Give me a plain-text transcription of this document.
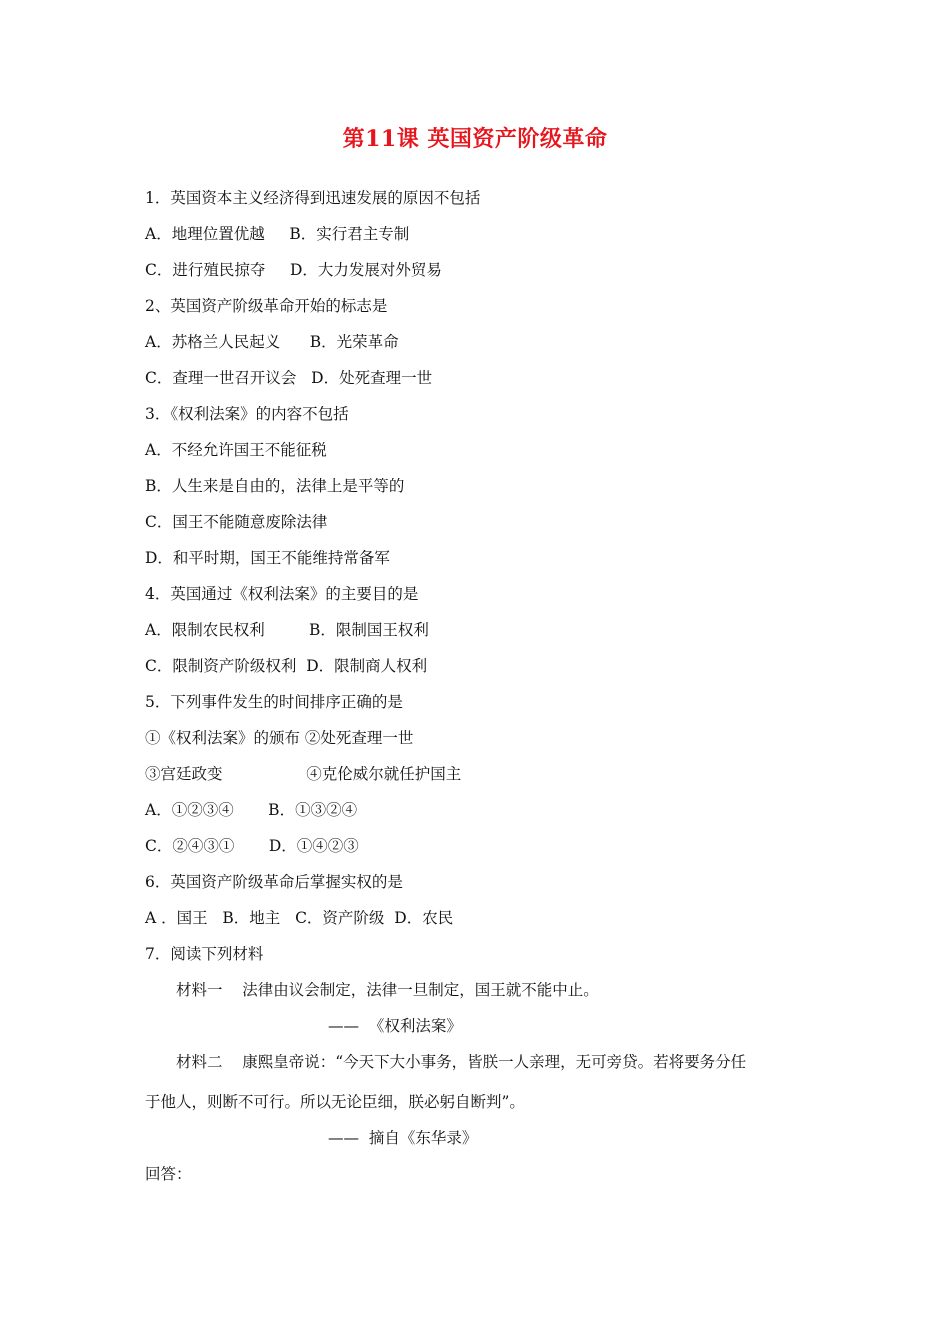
第11课 英国资产阶级革命
1．英国资本主义经济得到迅速发展的原因不包括
A．地理位置优越     B．实行君主专制
C．进行殖民掠夺     D．大力发展对外贸易
2、英国资产阶级革命开始的标志是
A．苏格兰人民起义      B．光荣革命
C．查理一世召开议会   D．处死查理一世
3．《权利法案》的内容不包括
A．不经允许国王不能征税
B．人生来是自由的，法律上是平等的
C．国王不能随意废除法律
D．和平时期，国王不能维持常备军
4．英国通过《权利法案》的主要目的是
A．限制农民权利         B．限制国王权利
C．限制资产阶级权利  D．限制商人权利
5．下列事件发生的时间排序正确的是
①《权利法案》的颁布 ②处死查理一世
③宫廷政变                 ④克伦威尔就任护国主
A．①②③④       B．①③②④
C．②④③①       D．①④②③
6．英国资产阶级革命后掌握实权的是
A ．国王   B．地主   C．资产阶级  D．农民
7．阅读下列材料
材料一    法律由议会制定，法律一旦制定，国王就不能中止。
——  《权利法案》
材料二    康熙皇帝说：“今天下大小事务，皆朕一人亲理，无可旁贷。若将要务分任
于他人，则断不可行。所以无论臣细，朕必躬自断判”。
——  摘自《东华录》
回答：
